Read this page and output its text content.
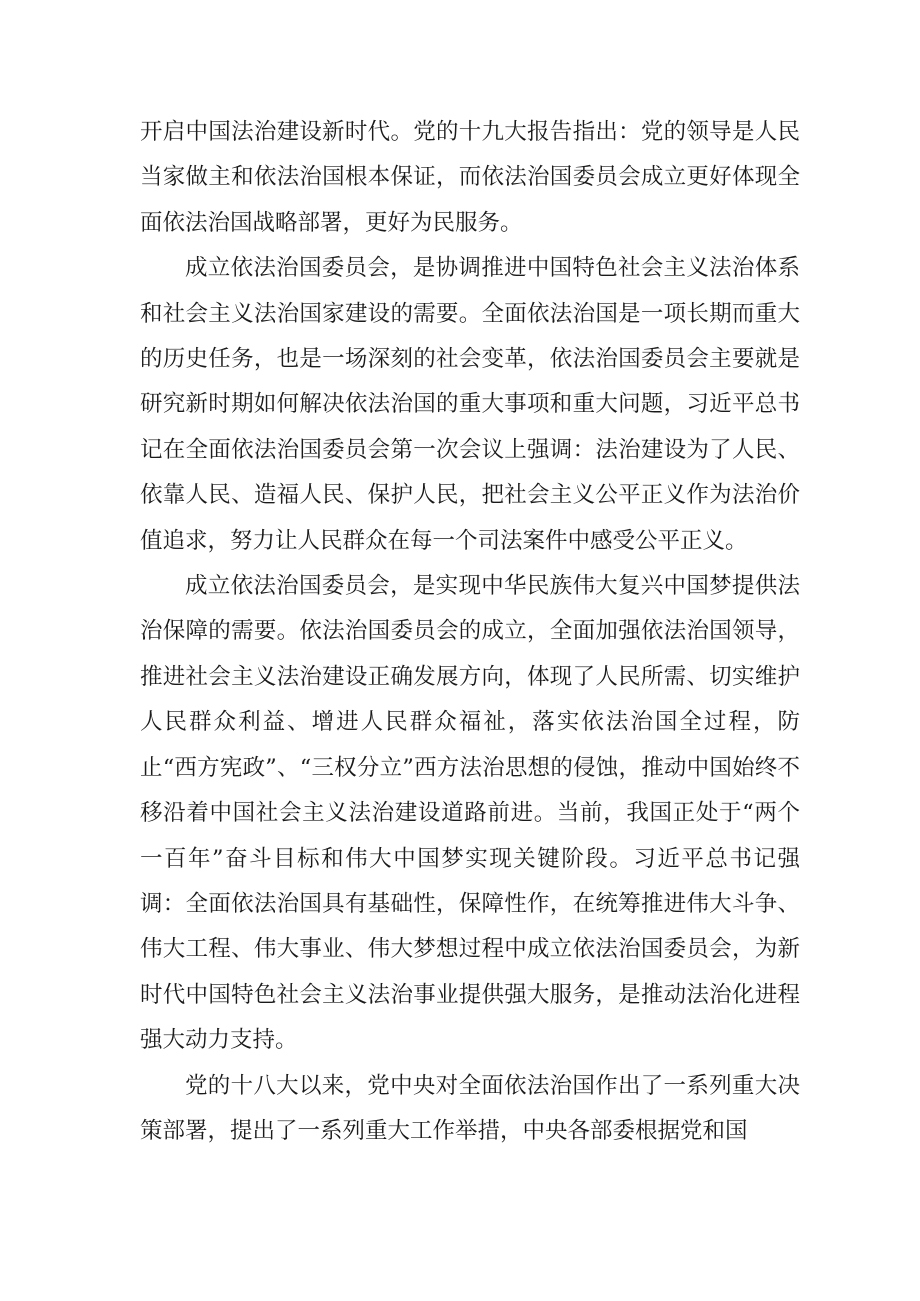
开启中国法治建设新时代。党的十九大报告指出：党的领导是人民当家做主和依法治国根本保证，而依法治国委员会成立更好体现全面依法治国战略部署，更好为民服务。

成立依法治国委员会，是协调推进中国特色社会主义法治体系和社会主义法治国家建设的需要。全面依法治国是一项长期而重大的历史任务，也是一场深刻的社会变革，依法治国委员会主要就是研究新时期如何解决依法治国的重大事项和重大问题，习近平总书记在全面依法治国委员会第一次会议上强调：法治建设为了人民、依靠人民、造福人民、保护人民，把社会主义公平正义作为法治价值追求，努力让人民群众在每一个司法案件中感受公平正义。

成立依法治国委员会，是实现中华民族伟大复兴中国梦提供法治保障的需要。依法治国委员会的成立，全面加强依法治国领导，推进社会主义法治建设正确发展方向，体现了人民所需、切实维护人民群众利益、增进人民群众福祉，落实依法治国全过程，防止“西方宪政”、“三权分立”西方法治思想的侵蚀，推动中国始终不移沿着中国社会主义法治建设道路前进。当前，我国正处于“两个一百年”奋斗目标和伟大中国梦实现关键阶段。习近平总书记强调：全面依法治国具有基础性，保障性作，在统筹推进伟大斗争、伟大工程、伟大事业、伟大梦想过程中成立依法治国委员会，为新时代中国特色社会主义法治事业提供强大服务，是推动法治化进程强大动力支持。

党的十八大以来，党中央对全面依法治国作出了一系列重大决策部署，提出了一系列重大工作举措，中央各部委根据党和国
